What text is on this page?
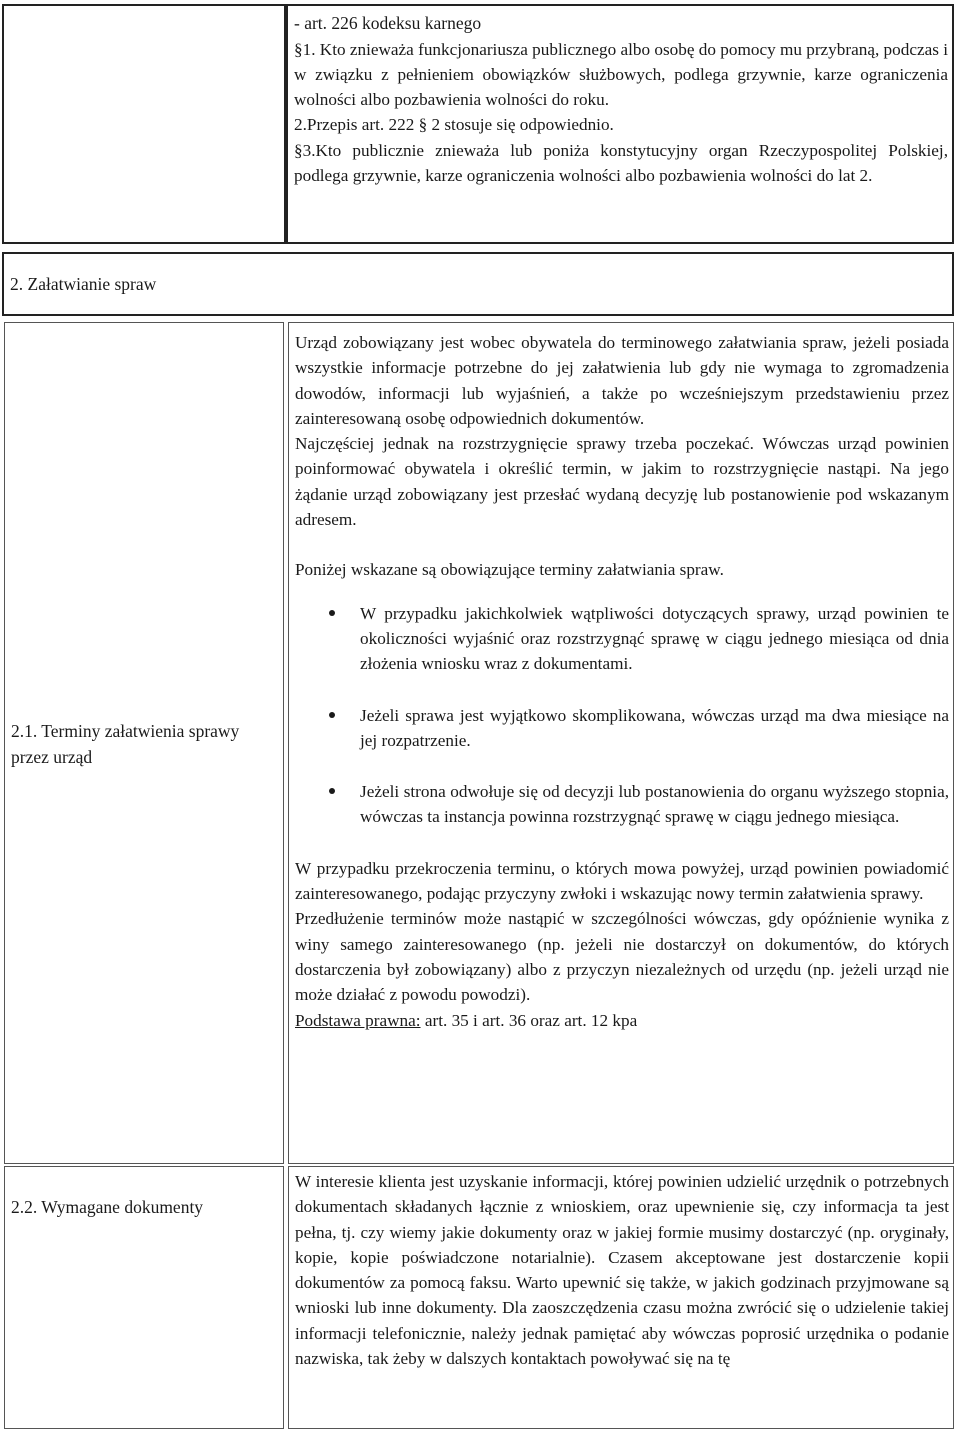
- art. 226 kodeksu karnego

§1. Kto znieważa funkcjonariusza publicznego albo osobę do pomocy mu przybraną, podczas i w związku z pełnieniem obowiązków służbowych, podlega grzywnie, karze ograniczenia wolności albo pozbawienia wolności do roku.

2.Przepis art. 222 § 2 stosuje się odpowiednio.

§3.Kto publicznie znieważa lub poniża konstytucyjny organ Rzeczypospolitej Polskiej, podlega grzywnie, karze ograniczenia wolności albo pozbawienia wolności do lat 2.

2. Załatwianie spraw

2.1. Terminy załatwienia sprawy przez urząd

Urząd zobowiązany jest wobec obywatela do terminowego załatwiania spraw, jeżeli posiada wszystkie informacje potrzebne do jej załatwienia lub gdy nie wymaga to zgromadzenia dowodów, informacji lub wyjaśnień, a także po wcześniejszym przedstawieniu przez zainteresowaną osobę odpowiednich dokumentów.

Najczęściej jednak na rozstrzygnięcie sprawy trzeba poczekać. Wówczas urząd powinien poinformować obywatela i określić termin, w jakim to rozstrzygnięcie nastąpi. Na jego żądanie urząd zobowiązany jest przesłać wydaną decyzję lub postanowienie pod wskazanym adresem.

Poniżej wskazane są obowiązujące terminy załatwiania spraw.

W przypadku jakichkolwiek wątpliwości dotyczących sprawy, urząd powinien te okoliczności wyjaśnić oraz rozstrzygnąć sprawę w ciągu jednego miesiąca od dnia złożenia wniosku wraz z dokumentami.
Jeżeli sprawa jest wyjątkowo skomplikowana, wówczas urząd ma dwa miesiące na jej rozpatrzenie.
Jeżeli strona odwołuje się od decyzji lub postanowienia do organu wyższego stopnia, wówczas ta instancja powinna rozstrzygnąć sprawę w ciągu jednego miesiąca.

W przypadku przekroczenia terminu, o których mowa powyżej, urząd powinien powiadomić zainteresowanego, podając przyczyny zwłoki i wskazując nowy termin załatwienia sprawy.

Przedłużenie terminów może nastąpić w szczególności wówczas, gdy opóźnienie wynika z winy samego zainteresowanego (np. jeżeli nie dostarczył on dokumentów, do których dostarczenia był zobowiązany) albo z przyczyn niezależnych od urzędu (np. jeżeli urząd nie może działać z powodu powodzi).

Podstawa prawna: art. 35 i art. 36 oraz art. 12 kpa

2.2. Wymagane dokumenty

W interesie klienta jest uzyskanie informacji, której powinien udzielić urzędnik o potrzebnych dokumentach składanych łącznie z wnioskiem, oraz upewnienie się, czy informacja ta jest pełna, tj. czy wiemy jakie dokumenty oraz w jakiej formie musimy dostarczyć (np. oryginały, kopie, kopie poświadczone notarialnie). Czasem akceptowane jest dostarczenie kopii dokumentów za pomocą faksu. Warto upewnić się także, w jakich godzinach przyjmowane są wnioski lub inne dokumenty. Dla zaoszczędzenia czasu można zwrócić się o udzielenie takiej informacji telefonicznie, należy jednak pamiętać aby wówczas poprosić urzędnika o podanie nazwiska, tak żeby w dalszych kontaktach powoływać się na tę
